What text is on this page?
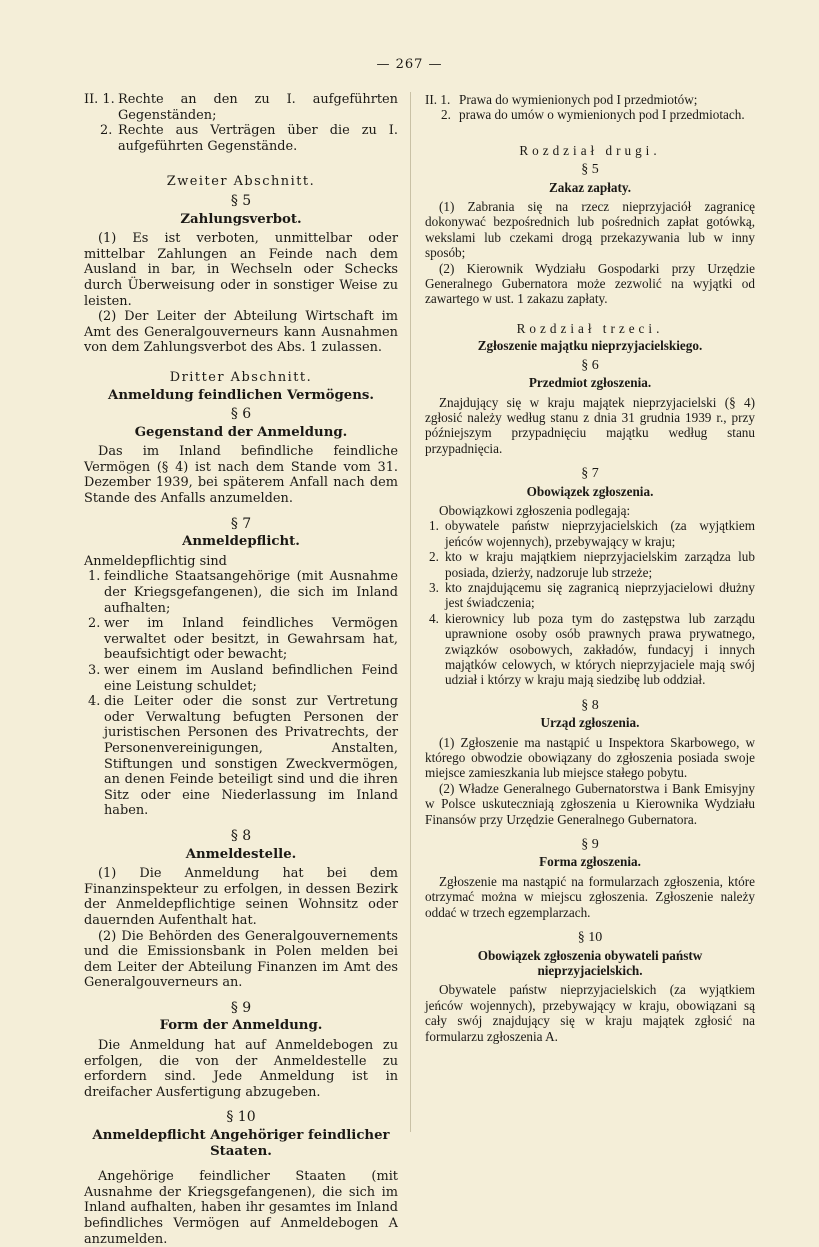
— 267 —
II. 1. Rechte an den zu I. aufgeführten Gegenständen;
2. Rechte aus Verträgen über die zu I. aufgeführten Gegenstände.
Zweiter Abschnitt.
§ 5
Zahlungsverbot.
(1) Es ist verboten, unmittelbar oder mittelbar Zahlungen an Feinde nach dem Ausland in bar, in Wechseln oder Schecks durch Überweisung oder in sonstiger Weise zu leisten.
(2) Der Leiter der Abteilung Wirtschaft im Amt des Generalgouverneurs kann Ausnahmen von dem Zahlungsverbot des Abs. 1 zulassen.
Dritter Abschnitt.
Anmeldung feindlichen Vermögens.
§ 6
Gegenstand der Anmeldung.
Das im Inland befindliche feindliche Vermögen (§ 4) ist nach dem Stande vom 31. Dezember 1939, bei späterem Anfall nach dem Stande des Anfalls anzumelden.
§ 7
Anmeldepflicht.
Anmeldepflichtig sind
1. feindliche Staatsangehörige (mit Ausnahme der Kriegsgefangenen), die sich im Inland aufhalten;
2. wer im Inland feindliches Vermögen verwaltet oder besitzt, in Gewahrsam hat, beaufsichtigt oder bewacht;
3. wer einem im Ausland befindlichen Feind eine Leistung schuldet;
4. die Leiter oder die sonst zur Vertretung oder Verwaltung befugten Personen der juristischen Personen des Privatrechts, der Personenvereinigungen, Anstalten, Stiftungen und sonstigen Zweckvermögen, an denen Feinde beteiligt sind und die ihren Sitz oder eine Niederlassung im Inland haben.
§ 8
Anmeldestelle.
(1) Die Anmeldung hat bei dem Finanzinspekteur zu erfolgen, in dessen Bezirk der Anmeldepflichtige seinen Wohnsitz oder dauernden Aufenthalt hat.
(2) Die Behörden des Generalgouvernements und die Emissionsbank in Polen melden bei dem Leiter der Abteilung Finanzen im Amt des Generalgouverneurs an.
§ 9
Form der Anmeldung.
Die Anmeldung hat auf Anmeldebogen zu erfolgen, die von der Anmeldestelle zu erfordern sind. Jede Anmeldung ist in dreifacher Ausfertigung abzugeben.
§ 10
Anmeldepflicht Angehöriger feindlicher Staaten.
Angehörige feindlicher Staaten (mit Ausnahme der Kriegsgefangenen), die sich im Inland aufhalten, haben ihr gesamtes im Inland befindliches Vermögen auf Anmeldebogen A anzumelden.
II. 1. Prawa do wymienionych pod I przedmiotów;
2. prawa do umów o wymienionych pod I przedmiotach.
Rozdział drugi.
§ 5
Zakaz zapłaty.
(1) Zabrania się na rzecz nieprzyjaciół zagranicę dokonywać bezpośrednich lub pośrednich zapłat gotówką, wekslami lub czekami drogą przekazywania lub w inny sposób;
(2) Kierownik Wydziału Gospodarki przy Urzędzie Generalnego Gubernatora może zezwolić na wyjątki od zawartego w ust. 1 zakazu zapłaty.
Rozdział trzeci.
Zgłoszenie majątku nieprzyjacielskiego.
§ 6
Przedmiot zgłoszenia.
Znajdujący się w kraju majątek nieprzyjacielski (§ 4) zgłosić należy według stanu z dnia 31 grudnia 1939 r., przy późniejszym przypadnięciu majątku według stanu przypadnięcia.
§ 7
Obowiązek zgłoszenia.
Obowiązkowi zgłoszenia podlegają:
1. obywatele państw nieprzyjacielskich (za wyjątkiem jeńców wojennych), przebywający w kraju;
2. kto w kraju majątkiem nieprzyjacielskim zarządza lub posiada, dzierży, nadzoruje lub strzeże;
3. kto znajdującemu się zagranicą nieprzyjacielowi dłużny jest świadczenia;
4. kierownicy lub poza tym do zastępstwa lub zarządu uprawnione osoby osób prawnych prawa prywatnego, związków osobowych, zakładów, fundacyj i innych majątków celowych, w których nieprzyjaciele mają swój udział i którzy w kraju mają siedzibę lub oddział.
§ 8
Urząd zgłoszenia.
(1) Zgłoszenie ma nastąpić u Inspektora Skarbowego, w którego obwodzie obowiązany do zgłoszenia posiada swoje miejsce zamieszkania lub miejsce stałego pobytu.
(2) Władze Generalnego Gubernatorstwa i Bank Emisyjny w Polsce uskuteczniają zgłoszenia u Kierownika Wydziału Finansów przy Urzędzie Generalnego Gubernatora.
§ 9
Forma zgłoszenia.
Zgłoszenie ma nastąpić na formularzach zgłoszenia, które otrzymać można w miejscu zgłoszenia. Zgłoszenie należy oddać w trzech egzemplarzach.
§ 10
Obowiązek zgłoszenia obywateli państw nieprzyjacielskich.
Obywatele państw nieprzyjacielskich (za wyjątkiem jeńców wojennych), przebywający w kraju, obowiązani są cały swój znajdujący się w kraju majątek zgłosić na formularzu zgłoszenia A.
